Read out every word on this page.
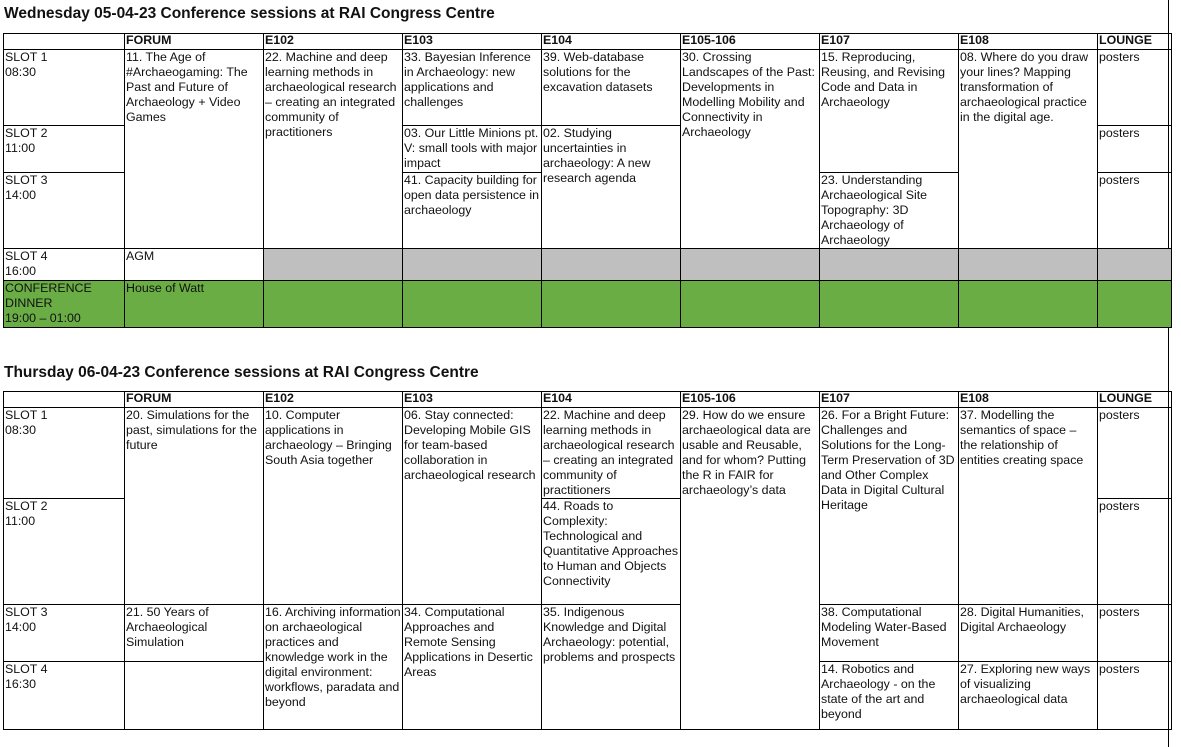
Wednesday 05-04-23 Conference sessions at RAI Congress Centre
	FORUM	E102	E103	E104	E105-106	E107	E108	LOUNGE
SLOT 1
08:30	11. The Age of #Archaeogaming: The Past and Future of Archaeology + Video Games	22. Machine and deep learning methods in archaeological research – creating an integrated community of practitioners	33. Bayesian Inference in Archaeology: new applications and challenges	39. Web-database solutions for the excavation datasets	30. Crossing Landscapes of the Past: Developments in Modelling Mobility and Connectivity in Archaeology	15. Reproducing, Reusing, and Revising Code and Data in Archaeology	08. Where do you draw your lines? Mapping transformation of archaeological practice in the digital age.	posters
SLOT 2
11:00			03. Our Little Minions pt. V: small tools with major impact	02. Studying uncertainties in archaeology: A new research agenda				posters
SLOT 3
14:00			41. Capacity building for open data persistence in archaeology			23. Understanding Archaeological Site Topography: 3D Archaeology of Archaeology		posters
SLOT 4
16:00	AGM							
CONFERENCE
DINNER
19:00 – 01:00	House of Watt							
Thursday 06-04-23 Conference sessions at RAI Congress Centre
	FORUM	E102	E103	E104	E105-106	E107	E108	LOUNGE
SLOT 1
08:30	20. Simulations for the past, simulations for the future	10. Computer applications in archaeology – Bringing South Asia together	06. Stay connected: Developing Mobile GIS for team-based collaboration in archaeological research	22. Machine and deep learning methods in archaeological research – creating an integrated community of practitioners	29. How do we ensure archaeological data are usable and Reusable, and for whom? Putting the R in FAIR for archaeology’s data	26. For a Bright Future: Challenges and Solutions for the Long-Term Preservation of 3D and Other Complex Data in Digital Cultural Heritage	37. Modelling the semantics of space – the relationship of entities creating space	posters
SLOT 2
11:00				44. Roads to Complexity: Technological and Quantitative Approaches to Human and Objects Connectivity				posters
SLOT 3
14:00	21. 50 Years of Archaeological Simulation	16. Archiving information on archaeological practices and knowledge work in the digital environment: workflows, paradata and beyond	34. Computational Approaches and Remote Sensing Applications in Desertic Areas	35. Indigenous Knowledge and Digital Archaeology: potential, problems and prospects		38. Computational Modeling Water-Based Movement	28. Digital Humanities, Digital Archaeology	posters
SLOT 4
16:30						14. Robotics and Archaeology - on the state of the art and beyond	27. Exploring new ways of visualizing archaeological data	posters
